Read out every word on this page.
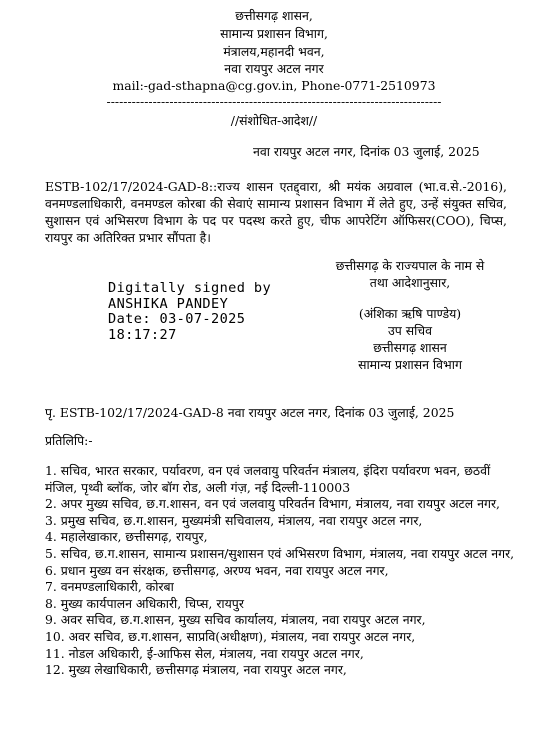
छत्तीसगढ़ शासन,
सामान्य प्रशासन विभाग,
मंत्रालय,महानदी भवन,
नवा रायपुर अटल नगर
mail:-gad-sthapna@cg.gov.in, Phone-0771-2510973
--------------------------------------------------------------------------------
//संशोधित-आदेश//
नवा रायपुर अटल नगर, दिनांक 03 जुलाई, 2025
ESTB-102/17/2024-GAD-8::राज्य शासन एतद्द्वारा, श्री मयंक अग्रवाल (भा.व.से.-2016), वनमण्डलाधिकारी, वनमण्डल कोरबा की सेवाएं सामान्य प्रशासन विभाग में लेते हुए, उन्हें संयुक्त सचिव, सुशासन एवं अभिसरण विभाग के पद पर पदस्थ करते हुए, चीफ आपरेटिंग ऑफिसर(COO), चिप्स, रायपुर का अतिरिक्त प्रभार सौंपता है।
छत्तीसगढ़ के राज्यपाल के नाम से
तथा आदेशानुसार,
Digitally signed by
ANSHIKA PANDEY
Date: 03-07-2025
18:17:27
(अंशिका ऋषि पाण्डेय)
उप सचिव
छत्तीसगढ़ शासन
सामान्य प्रशासन विभाग
पृ. ESTB-102/17/2024-GAD-8 नवा रायपुर अटल नगर, दिनांक 03 जुलाई, 2025
प्रतिलिपि:-
1. सचिव, भारत सरकार, पर्यावरण, वन एवं जलवायु परिवर्तन मंत्रालय, इंदिरा पर्यावरण भवन, छठवीं मंजिल, पृथ्वी ब्लॉक, जोर बॉग रोड, अली गंज़, नई दिल्ली-110003
2. अपर मुख्य सचिव, छ.ग.शासन, वन एवं जलवायु परिवर्तन विभाग, मंत्रालय, नवा रायपुर अटल नगर,
3. प्रमुख सचिव, छ.ग.शासन, मुख्यमंत्री सचिवालय, मंत्रालय, नवा रायपुर अटल नगर,
4. महालेखाकार, छत्तीसगढ़, रायपुर,
5. सचिव, छ.ग.शासन, सामान्य प्रशासन/सुशासन एवं अभिसरण विभाग, मंत्रालय, नवा रायपुर अटल नगर,
6. प्रधान मुख्य वन संरक्षक, छत्तीसगढ़, अरण्य भवन, नवा रायपुर अटल नगर,
7. वनमण्डलाधिकारी, कोरबा
8. मुख्य कार्यपालन अधिकारी, चिप्स, रायपुर
9. अवर सचिव, छ.ग.शासन, मुख्य सचिव कार्यालय, मंत्रालय, नवा रायपुर अटल नगर,
10. अवर सचिव, छ.ग.शासन, साप्रवि(अधीक्षण), मंत्रालय, नवा रायपुर अटल नगर,
11. नोडल अधिकारी, ई-आफिस सेल, मंत्रालय, नवा रायपुर अटल नगर,
12. मुख्य लेखाधिकारी, छत्तीसगढ़ मंत्रालय, नवा रायपुर अटल नगर,
